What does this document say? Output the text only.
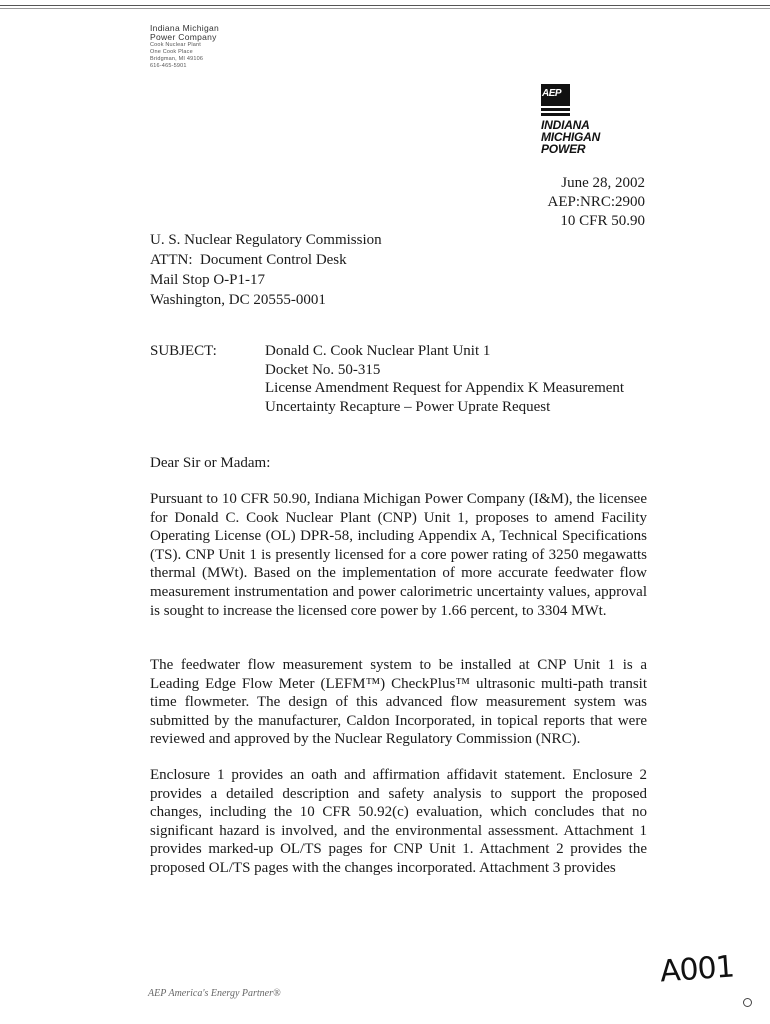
Indiana Michigan
Power Company
Cook Nuclear Plant
One Cook Place
Bridgman, MI 49106
616-465-5901
AEP
INDIANA
MICHIGAN
POWER
June 28, 2002
AEP:NRC:2900
10 CFR 50.90
U. S. Nuclear Regulatory Commission
ATTN:  Document Control Desk
Mail Stop O-P1-17
Washington, DC 20555-0001
SUBJECT:	Donald C. Cook Nuclear Plant Unit 1
Docket No. 50-315
License Amendment Request for Appendix K Measurement
Uncertainty Recapture – Power Uprate Request
Dear Sir or Madam:
Pursuant to 10 CFR 50.90, Indiana Michigan Power Company (I&M), the licensee for Donald C. Cook Nuclear Plant (CNP) Unit 1, proposes to amend Facility Operating License (OL) DPR-58, including Appendix A, Technical Specifications (TS). CNP Unit 1 is presently licensed for a core power rating of 3250 megawatts thermal (MWt). Based on the implementation of more accurate feedwater flow measurement instrumentation and power calorimetric uncertainty values, approval is sought to increase the licensed core power by 1.66 percent, to 3304 MWt.
The feedwater flow measurement system to be installed at CNP Unit 1 is a Leading Edge Flow Meter (LEFM™) CheckPlus™ ultrasonic multi-path transit time flowmeter. The design of this advanced flow measurement system was submitted by the manufacturer, Caldon Incorporated, in topical reports that were reviewed and approved by the Nuclear Regulatory Commission (NRC).
Enclosure 1 provides an oath and affirmation affidavit statement. Enclosure 2 provides a detailed description and safety analysis to support the proposed changes, including the 10 CFR 50.92(c) evaluation, which concludes that no significant hazard is involved, and the environmental assessment. Attachment 1 provides marked-up OL/TS pages for CNP Unit 1. Attachment 2 provides the proposed OL/TS pages with the changes incorporated. Attachment 3 provides
AEP America's Energy Partner®
A001
